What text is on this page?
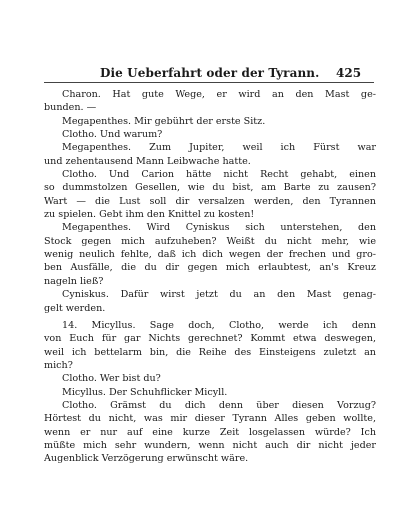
Die Ueberfahrt oder der Tyrann.	425
Charon. Hat gute Wege, er wird an den Mast ge-
bunden. —
Megapenthes. Mir gebührt der erste Sitz.
Clotho. Und warum?
Megapenthes. Zum Jupiter, weil ich Fürst war
und zehentausend Mann Leibwache hatte.
Clotho. Und Carion hätte nicht Recht gehabt, einen
so dummstolzen Gesellen, wie du bist, am Barte zu zausen?
Wart — die Lust soll dir versalzen werden, den Tyrannen
zu spielen. Gebt ihm den Knittel zu kosten!
Megapenthes. Wird Cyniskus sich unterstehen, den
Stock gegen mich aufzuheben? Weißt du nicht mehr, wie
wenig neulich fehlte, daß ich dich wegen der frechen und gro-
ben Ausfälle, die du dir gegen mich erlaubtest, an's Kreuz
nageln ließ?
Cyniskus. Dafür wirst jetzt du an den Mast genag-
gelt werden.
14. Micyllus. Sage doch, Clotho, werde ich denn
von Euch für gar Nichts gerechnet? Kommt etwa deswegen,
weil ich bettelarm bin, die Reihe des Einsteigens zuletzt an
mich?
Clotho. Wer bist du?
Micyllus. Der Schuhflicker Micyll.
Clotho. Grämst du dich denn über diesen Vorzug?
Hörtest du nicht, was mir dieser Tyrann Alles geben wollte,
wenn er nur auf eine kurze Zeit losgelassen würde? Ich
müßte mich sehr wundern, wenn nicht auch dir nicht jeder
Augenblick Verzögerung erwünscht wäre.
